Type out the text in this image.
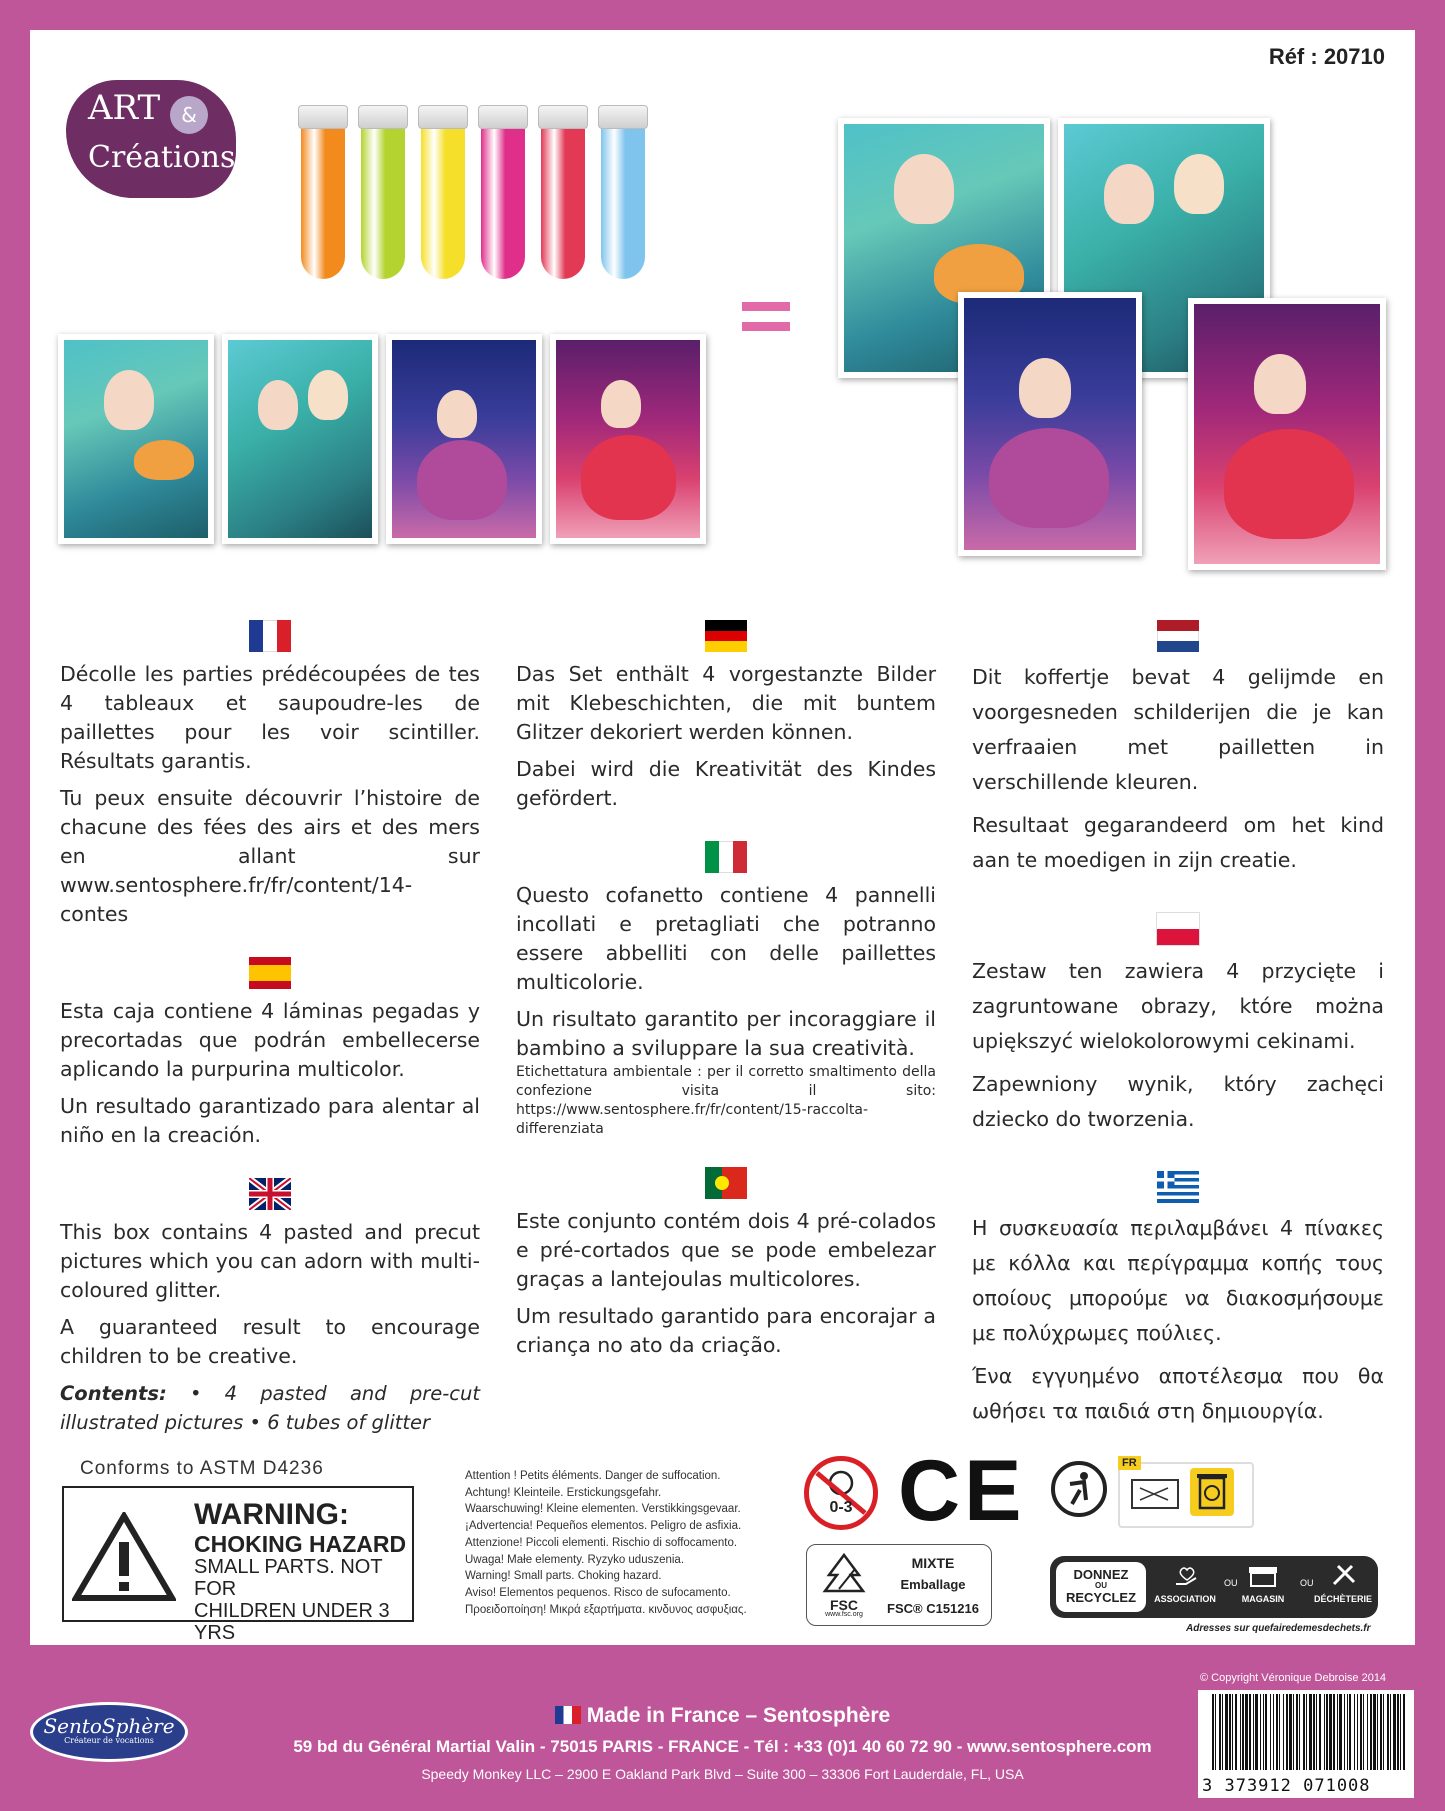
Réf : 20710
ART	&
Créations

Décolle les parties prédécoupées de tes 4 tableaux et saupoudre-les de paillettes pour les voir scintiller. Résultats garantis.

Tu peux ensuite découvrir l’histoire de chacune des fées des airs et des mers en allant sur www.sentosphere.fr/fr/content/14-contes

Esta caja contiene 4 láminas pegadas y precortadas que podrán embellecerse aplicando la purpurina multicolor.

Un resultado garantizado para alentar al niño en la creación.

This box contains 4 pasted and precut pictures which you can adorn with multi-coloured glitter.

A guaranteed result to encourage children to be creative.

Contents: • 4 pasted and pre-cut illustrated pictures • 6 tubes of glitter

Das Set enthält 4 vorgestanzte Bilder mit Klebeschichten, die mit buntem Glitzer dekoriert werden können.

Dabei wird die Kreativität des Kindes gefördert.

Questo cofanetto contiene 4 pannelli incollati e pretagliati che potranno essere abbelliti con delle paillettes multicolorie.

Un risultato garantito per incoraggiare il bambino a sviluppare la sua creatività.

Etichettatura ambientale : per il corretto smaltimento della confezione visita il sito: https://www.sentosphere.fr/fr/content/15-raccolta-differenziata

Este conjunto contém dois 4 pré-colados e pré-cortados que se pode embelezar graças a lantejoulas multicolores.

Um resultado garantido para encorajar a criança no ato da criação.

Dit koffertje bevat 4 gelijmde en voorgesneden schilderijen die je kan verfraaien met pailletten in verschillende kleuren.

Resultaat gegarandeerd om het kind aan te moedigen in zijn creatie.

Zestaw ten zawiera 4 przycięte i zagruntowane obrazy, które można upiększyć wielokolorowymi cekinami.

Zapewniony wynik, który zachęci dziecko do tworzenia.

Η συσκευασία περιλαμβάνει 4 πίνακες με κόλλα και περίγραμμα κοπής τους οποίους μπορούμε να διακοσμήσουμε με πολύχρωμες πούλιες.

Ένα εγγυημένο αποτέλεσμα που θα ωθήσει τα παιδιά στη δημιουργία.

Conforms to ASTM D4236
WARNING:
CHOKING HAZARD
SMALL PARTS. NOT FOR
CHILDREN UNDER 3 YRS
Attention ! Petits éléments. Danger de suffocation.
Achtung! Kleinteile. Erstickungsgefahr.
Waarschuwing! Kleine elementen. Verstikkingsgevaar.
¡Advertencia! Pequeños elementos. Peligro de asfixia.
Attenzione! Piccoli elementi. Rischio di soffocamento.
Uwaga! Małe elementy. Ryzyko uduszenia.
Warning! Small parts. Choking hazard.
Aviso! Elementos pequenos. Risco de sufocamento.
Προειδοποίηση! Μικρά εξαρτήματα. κινδυνος ασφυξιας.
0-3 CE
FSC
www.fsc.org
MIXTE
Emballage
FSC® C151216
FR
DONNEZ
OU
RECYCLEZ	ASSOCIATION
OU
MAGASIN
OU
DÉCHÈTERIE
Adresses sur quefairedemesdechets.fr
SentoSphère
Créateur de vocations
Made in France – Sentosphère
59 bd du Général Martial Valin - 75015 PARIS - FRANCE - Tél : +33 (0)1 40 60 72 90 - www.sentosphere.com
Speedy Monkey LLC – 2900 E Oakland Park Blvd – Suite 300 – 33306 Fort Lauderdale, FL, USA
© Copyright Véronique Debroise 2014
3 373912 071008
